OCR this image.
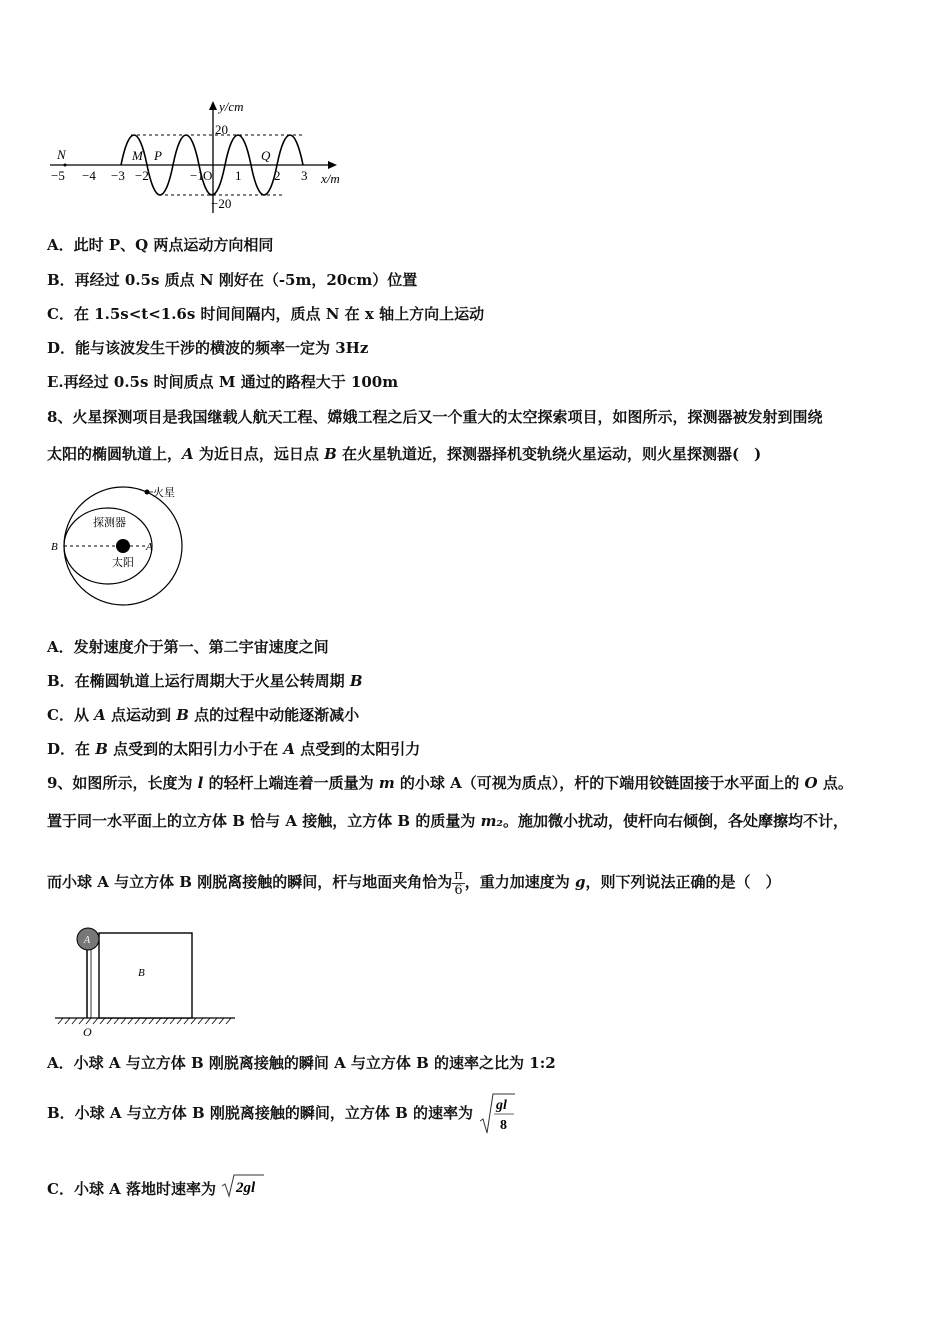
N	M P	Q
y/cm
20
−20
−5 −4 −3 −2	−1 O 1	2 3 x/m
A．此时 P、Q 两点运动方向相同
B．再经过 0.5s 质点 N 刚好在（-5m，20cm）位置
C．在 1.5s<t<1.6s 时间间隔内，质点 N 在 x 轴上方向上运动
D．能与该波发生干涉的横波的频率一定为 3Hz
E.再经过 0.5s 时间质点 M 通过的路程大于 100m
8、火星探测项目是我国继载人航天工程、嫦娥工程之后又一个重大的太空探索项目，如图所示，探测器被发射到围绕
太阳的椭圆轨道上，A 为近日点，远日点 B 在火星轨道近，探测器择机变轨绕火星运动，则火星探测器(　)
火星
探测器
太阳
B	A
A．发射速度介于第一、第二宇宙速度之间
B．在椭圆轨道上运行周期大于火星公转周期 B
C．从 A 点运动到 B 点的过程中动能逐渐减小
D．在 B 点受到的太阳引力小于在 A 点受到的太阳引力
9、如图所示，长度为 l 的轻杆上端连着一质量为 m 的小球 A（可视为质点），杆的下端用铰链固接于水平面上的 O 点。
置于同一水平面上的立方体 B 恰与 A 接触，立方体 B 的质量为 m₂。施加微小扰动，使杆向右倾倒，各处摩擦均不计，
而小球 A 与立方体 B 刚脱离接触的瞬间，杆与地面夹角恰为 $\frac{\pi}{6}$ ，重力加速度为 g，则下列说法正确的是（　）
B
A
O
A．小球 A 与立方体 B 刚脱离接触的瞬间 A 与立方体 B 的速率之比为 1:2
B．小球 A 与立方体 B 刚脱离接触的瞬间，立方体 B 的速率为 gl
8
C．小球 A 落地时速率为 2gl
